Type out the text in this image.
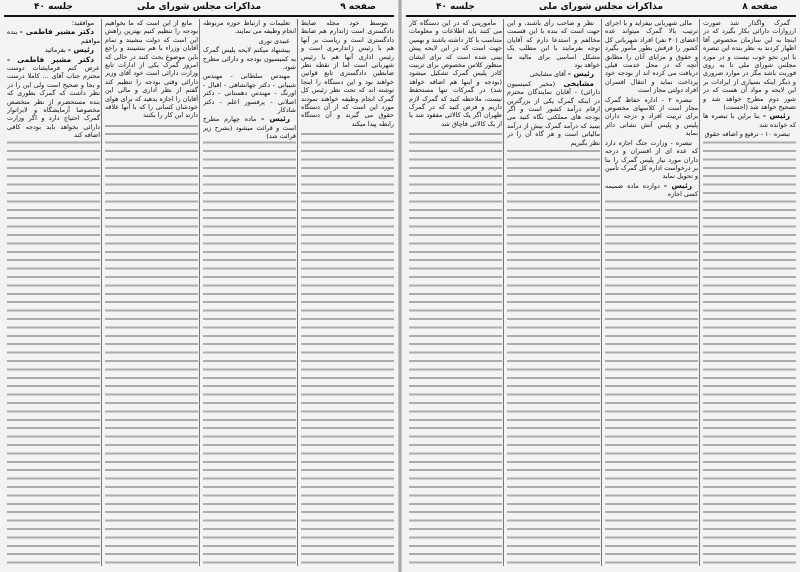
صفحه ۹
مذاکرات مجلس شورای ملی
جلسه ۴۰

بتوسط خود مجله ضابط دادگستری است ژاندارم هم ضابط دادگستری است و ریاست بر آنها هم با رئیس ژاندارمری است و رئیس اداری آنها هم با رئیس شهربانی است اما از نقطه نظر ضابطین دادگستری تابع قوانین خواهند بود و این دستگاه را اینجا توشته اند که تحت نظر رئیس کل گمرک انجام وظیفه خواهند نمودند مورد این است که از آن دستگاه حقوق می گیرند و آن دستگاه رابطه پیدا میکند

تعلیمات و ارتباط حوزه مربوطه انجام وظیفه می نمایند.

عبیدی نوری

پیشنهاد میکنم لایحه پلیس گمرک به کمیسیون بودجه و دارائی مطرح شود.

مهندس سلطانی - مهندس شیبانی - دکتر جهانشاهی - اقبال - اورنگ - مهندس دهستانی - دکتر اصلانی - پرفسور اعلم - دکتر شادکار

رئیس - ماده چهارم مطرح است و قرائت میشود (بشرح زیر قرائت شد)

مانع از این است که ما بخواهیم بودجه را تنظیم کنیم بهترین راهش این است که دولت بنشیند و تمام آقایان وزراء با هم بنشینند و راجع باین موضوع بحث کنند در حالی که امروز گمرک یکی از ادارات تابع وزارت دارائی است خود آقای وزیر دارائی وقتی بودجه را تنظیم کند گفتم از نظر اداری و مالی این آقایان را اجازه بدهید که برای هوای خودشان کسانی را که با آنها علاقه دارند این کار را بکنند

موافقید؛

دکتر مشیر فاطمی - بنده موافقم

رئیس - بفرمائید

دکتر مشیر فاطمی - عرض کنم فرمایشات دوست محترم جناب آقای ... کاملا درست و بجا و صحیح است ولی این را در نظر داشت که گمرک بطوری که بنده مستحضرم از نظر متخصص مخصوصا آزمایشگاه و لابراتوار گمرک احتیاج دارد و اگر وزارت دارائی بخواهد باید بودجه کافی اضافه کند

صفحه ۸
مذاکرات مجلس شورای ملی
جلسه ۴۰

گمرک واگذار شد صورت ارزوارات دارائی بکار بگیرد که در اینجا به این سازمان مخصوص آقا اظهار کردند به نظر بنده این تبصره با این نحو خوب نیست و در مورد مجلس شورای ملی تا به روی فوریت باشد مگر در موارد ضروری و دیگر اینکه بسیاری از ایرادات بر این لایحه و مواد آن هست که در شور دوم مطرح خواهد شد و تصحیح خواهد شد (احسنت)

رئیس - بنا براین با تبصره ها که خوانده شد

تبصره ۱۰ - ترفیع و اضافه حقوق

مالی شهربانی بیفزاید و با اجرای ترتیب بالا گمرک میتواند عده اعضای (۴۰ نفر) افراد شهربانی کل کشور را فرقش بطور مأمور بگیرد و حقوق و مزایای آنان را مطابق آنچه که در محل خدمت قبلی دریافت می کرده اند از بودجه خود پرداخت نماید و انتقال افسران افراد دولتی مجاز است

تبصره ۲ - اداره حفاظ گمرک مجاز است از کلاسهای مخصوص برای تربیت افراد و درجه داران پلیس و پلیس آتش نشانی دائر نماید

تبصره - وزارت جنگ اجازه دارد که عده ای از افسران و درجه داران مورد نیاز پلیس گمرک را بنا بر درخواست اداره کل گمرک تأمین و تحویل نماید

رئیس - دوازده ماده ضمیمه کسی اجازه

نظر و صاحب رأی باشند، و این جهت است که بنده با این قسمت مخالفم و استدعا دارم که آقایان توجه بفرمایند با این مطلب یک مشکل اساسی برای مالیه ما خواهد بود

رئیس - آقای مشایخی

مشایخی (مخبر کمیسیون دارائی) - آقایان نمایندگان محترم در اینکه گمرک یکی از بزرگترین ارقام درآمد کشور است و اگر بودجه های مملکتی نگاه کنید می بینید که درآمد گمرک بیش از درآمد مالیاتی است و هر گاه آن را در نظر بگیریم

مأمورینی که در این دستگاه کار می کنند باید اطلاعات و معلومات متناسب با کار داشته باشند و بهمین جهت است که در این لایحه پیش بینی شده است که برای ایشان منظور کلاس مخصوص برای تربیت کادر پلیس گمرک تشکیل میشود (بودجه و اینها هم اضافه خواهد شد) در گمرکات تنها مستحفظ نیست، ملاحظه کنید که گمرک لازم داریم و فرض کنید که در گمرک طهران اگر یک کالائی مفقود شد یا از یک کالائی قاچاق شد
